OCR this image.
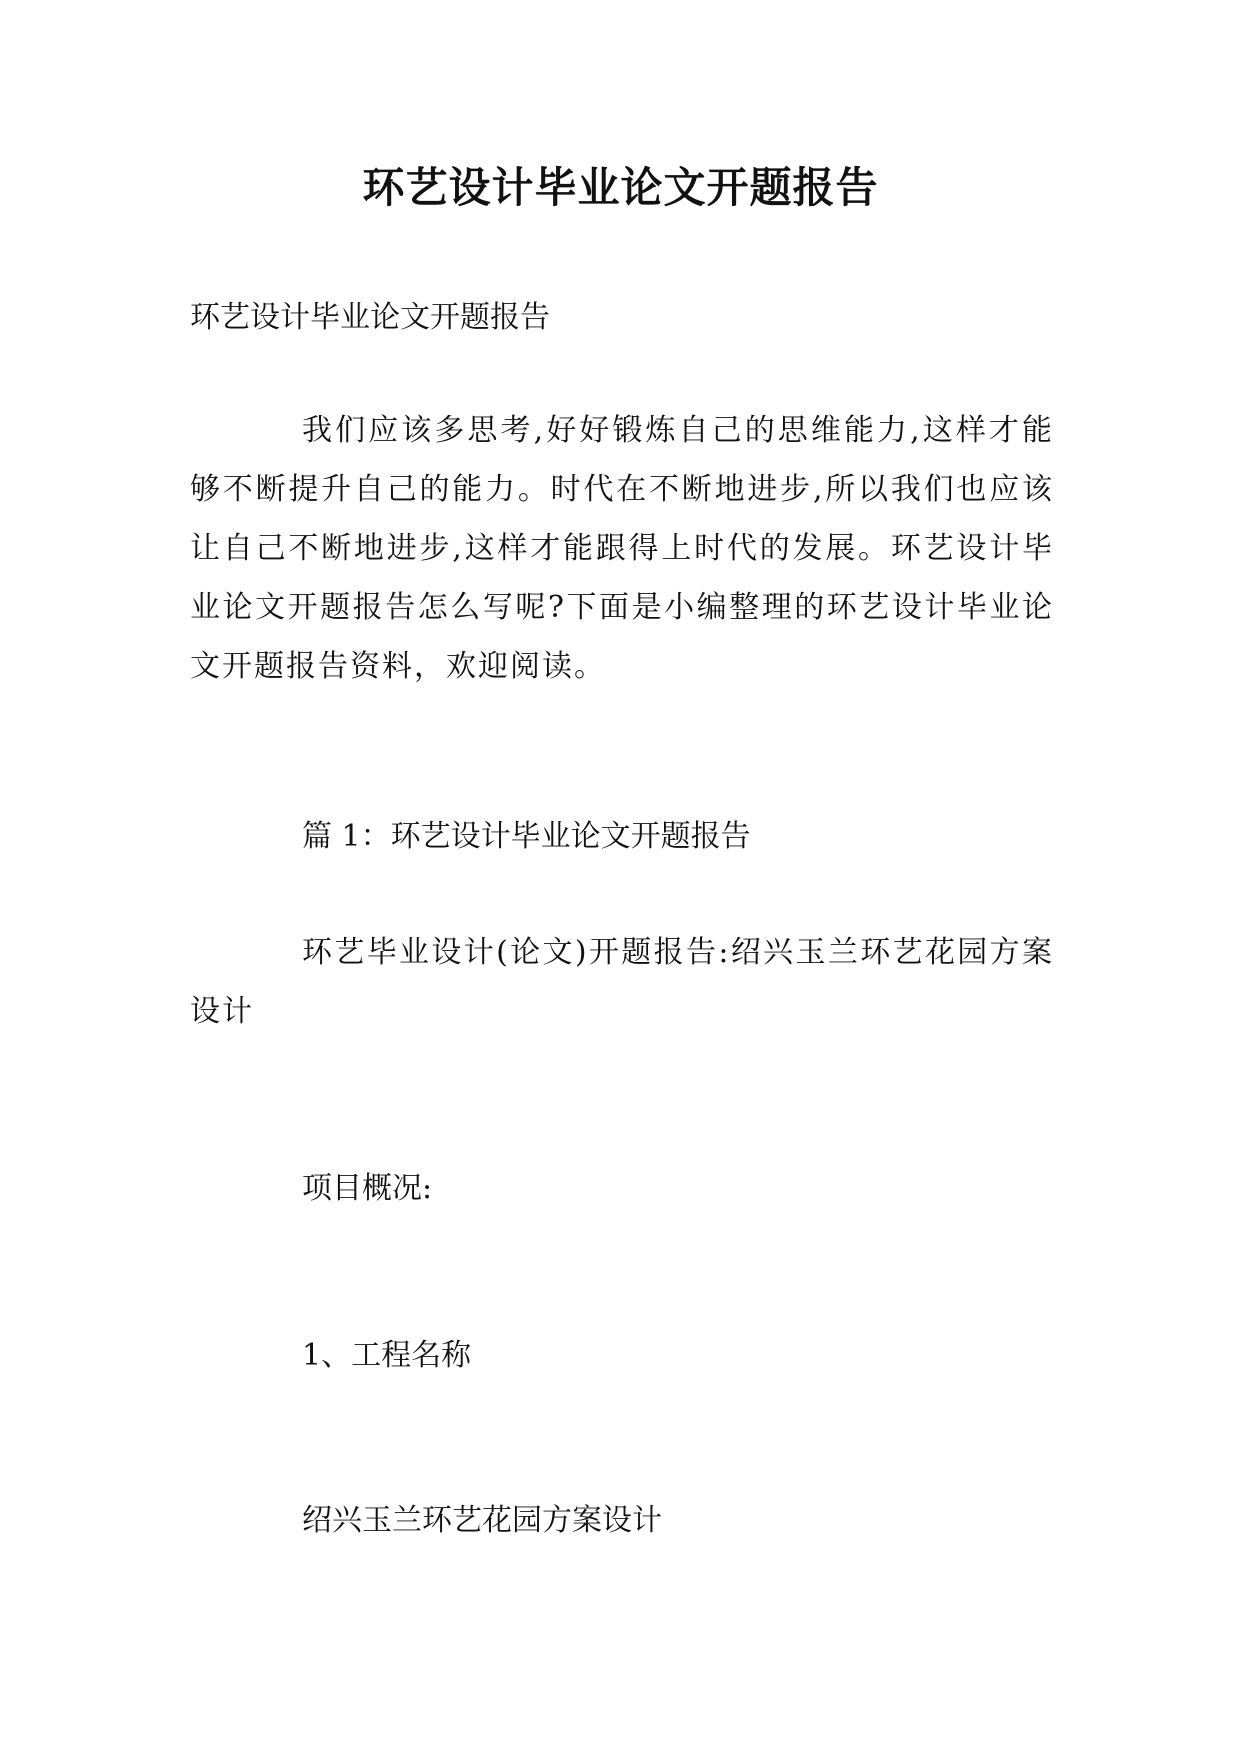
环艺设计毕业论文开题报告
环艺设计毕业论文开题报告
我们应该多思考,好好锻炼自己的思维能力,这样才能够不断提升自己的能力。时代在不断地进步,所以我们也应该让自己不断地进步,这样才能跟得上时代的发展。环艺设计毕业论文开题报告怎么写呢?下面是小编整理的环艺设计毕业论文开题报告资料，欢迎阅读。
篇 1：环艺设计毕业论文开题报告
环艺毕业设计(论文)开题报告:绍兴玉兰环艺花园方案设计
项目概况:
1、工程名称
绍兴玉兰环艺花园方案设计
